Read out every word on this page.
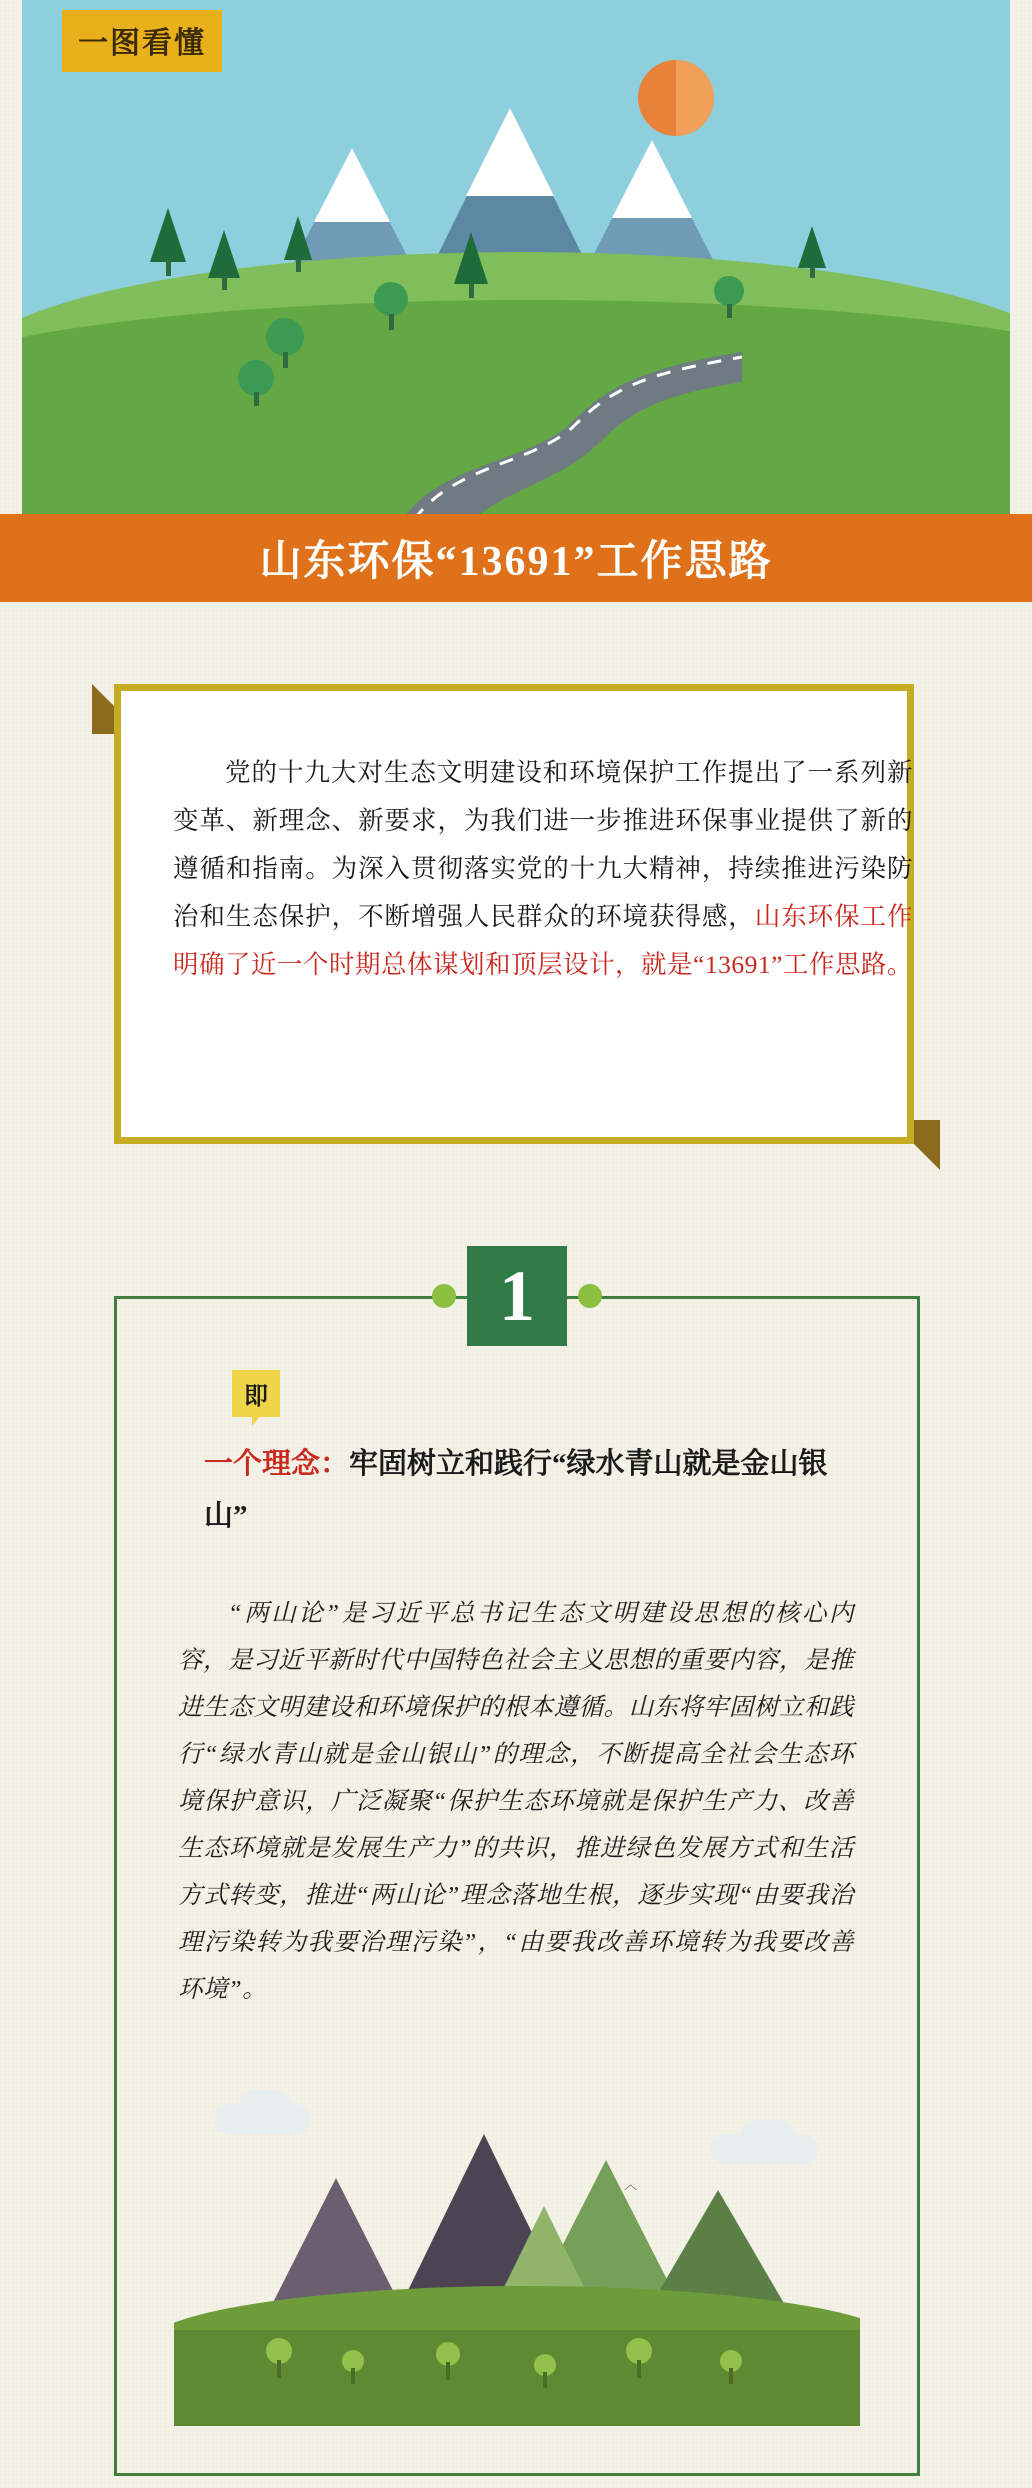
一图看懂
山东环保“13691”工作思路
党的十九大对生态文明建设和环境保护工作提出了一系列新变革、新理念、新要求，为我们进一步推进环保事业提供了新的遵循和指南。为深入贯彻落实党的十九大精神，持续推进污染防治和生态保护，不断增强人民群众的环境获得感，山东环保工作明确了近一个时期总体谋划和顶层设计，就是“13691”工作思路。
1
即
一个理念：牢固树立和践行“绿水青山就是金山银山”
“两山论”是习近平总书记生态文明建设思想的核心内容，是习近平新时代中国特色社会主义思想的重要内容，是推进生态文明建设和环境保护的根本遵循。山东将牢固树立和践行“绿水青山就是金山银山”的理念，不断提高全社会生态环境保护意识，广泛凝聚“保护生态环境就是保护生产力、改善生态环境就是发展生产力”的共识，推进绿色发展方式和生活方式转变，推进“两山论”理念落地生根，逐步实现“由要我治理污染转为我要治理污染”，“由要我改善环境转为我要改善环境”。
︿
︿
︿
